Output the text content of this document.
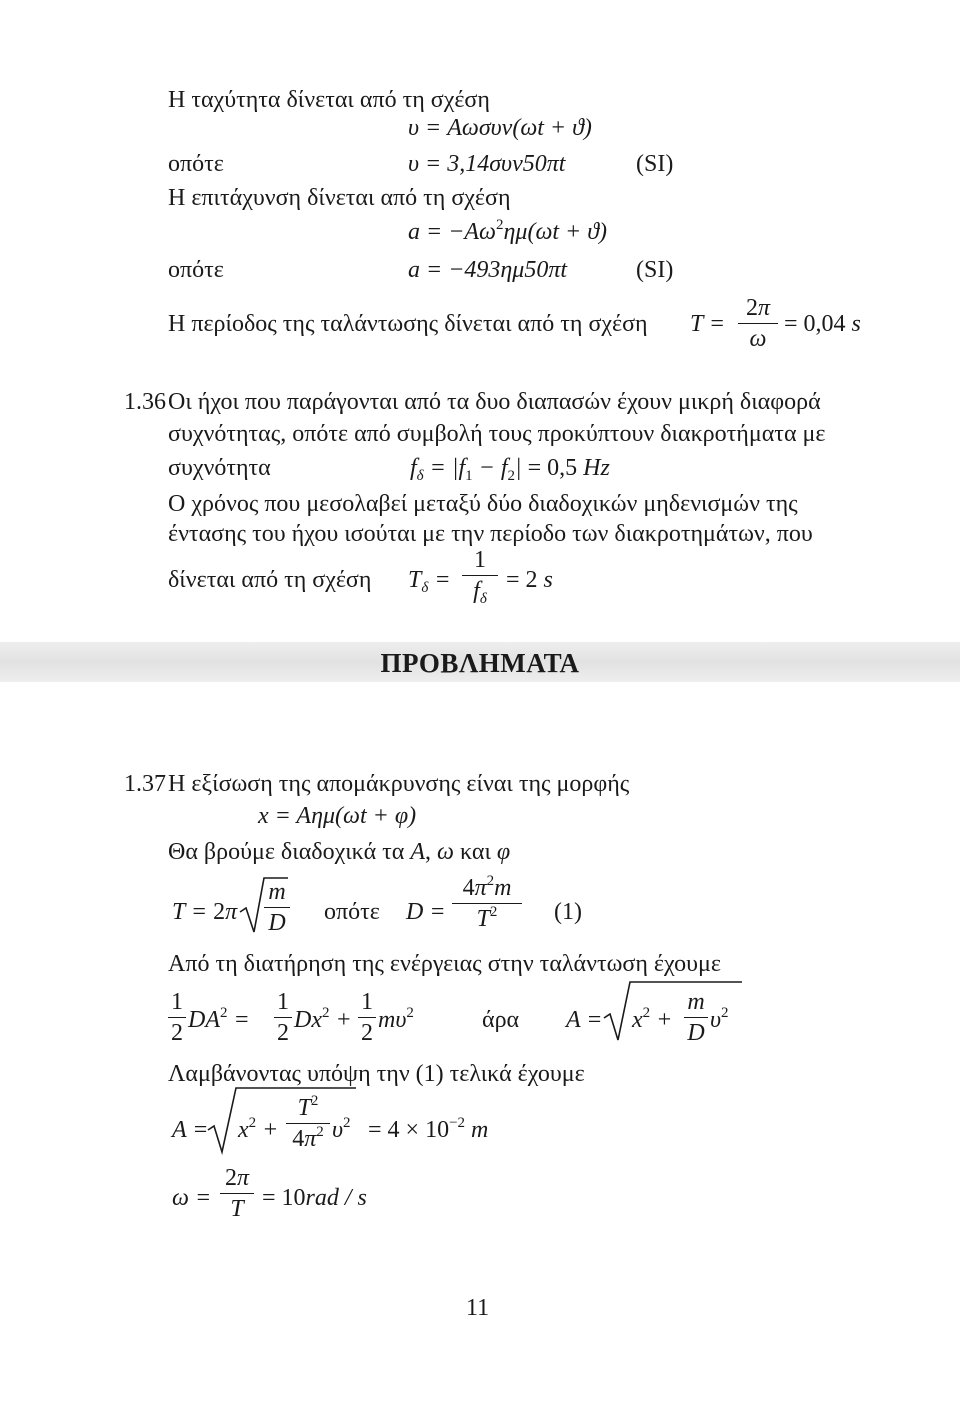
Η ταχύτητα δίνεται από τη σχέση
υ = Aωσυν(ωt + ϑ)
οπότε	υ = 3,14συν50πt	(SI)
Η επιτάχυνση δίνεται από τη σχέση
$a = -A\omega^2\eta\mu(\omega t + ϑ)$
οπότε	a = −493ημ50πt	(SI)
Η περίοδος της ταλάντωσης δίνεται από τη σχέση T =
2π
ω
= 0,04 s
1.36 Οι ήχοι που παράγονται από τα δυο διαπασών έχουν μικρή διαφορά
συχνότητας, οπότε από συμβολή τους προκύπτουν διακροτήματα με
συχνότητα	$f_\delta = |f_1 - f_2| = 0,5$ Hz
Ο χρόνος που μεσολαβεί μεταξύ δύο διαδοχικών μηδενισμών της
έντασης του ήχου ισούται με την περίοδο των διακροτημάτων, που
δίνεται από τη σχέση $T_\delta$ =
1
$f_\delta$
= 2 s
ΠΡΟΒΛΗΜΑΤΑ
1.37 Η εξίσωση της απομάκρυνσης είναι της μορφής
x = Aημ(ωt + φ)
Θα βρούμε διαδοχικά τα A, ω και φ
T = 2π
m
D οπότε D =
$4\pi^2m$
$T^2$	(1)
Από τη διατήρηση της ενέργειας στην ταλάντωση έχουμε
1
2 $DA^2$ =
1
2 $Dx^2$ +
1
2 $m\upsilon^2$	άρα $A = x^2$ +
m
D $\upsilon^2$
Λαμβάνοντας υπόψη την (1) τελικά έχουμε
$A = x^2$ +
$T^2$
$4\pi^2$ $\upsilon^2 = 4 \times 10^{-2}$ m
ω =
2π
T = 10rad / s
11
